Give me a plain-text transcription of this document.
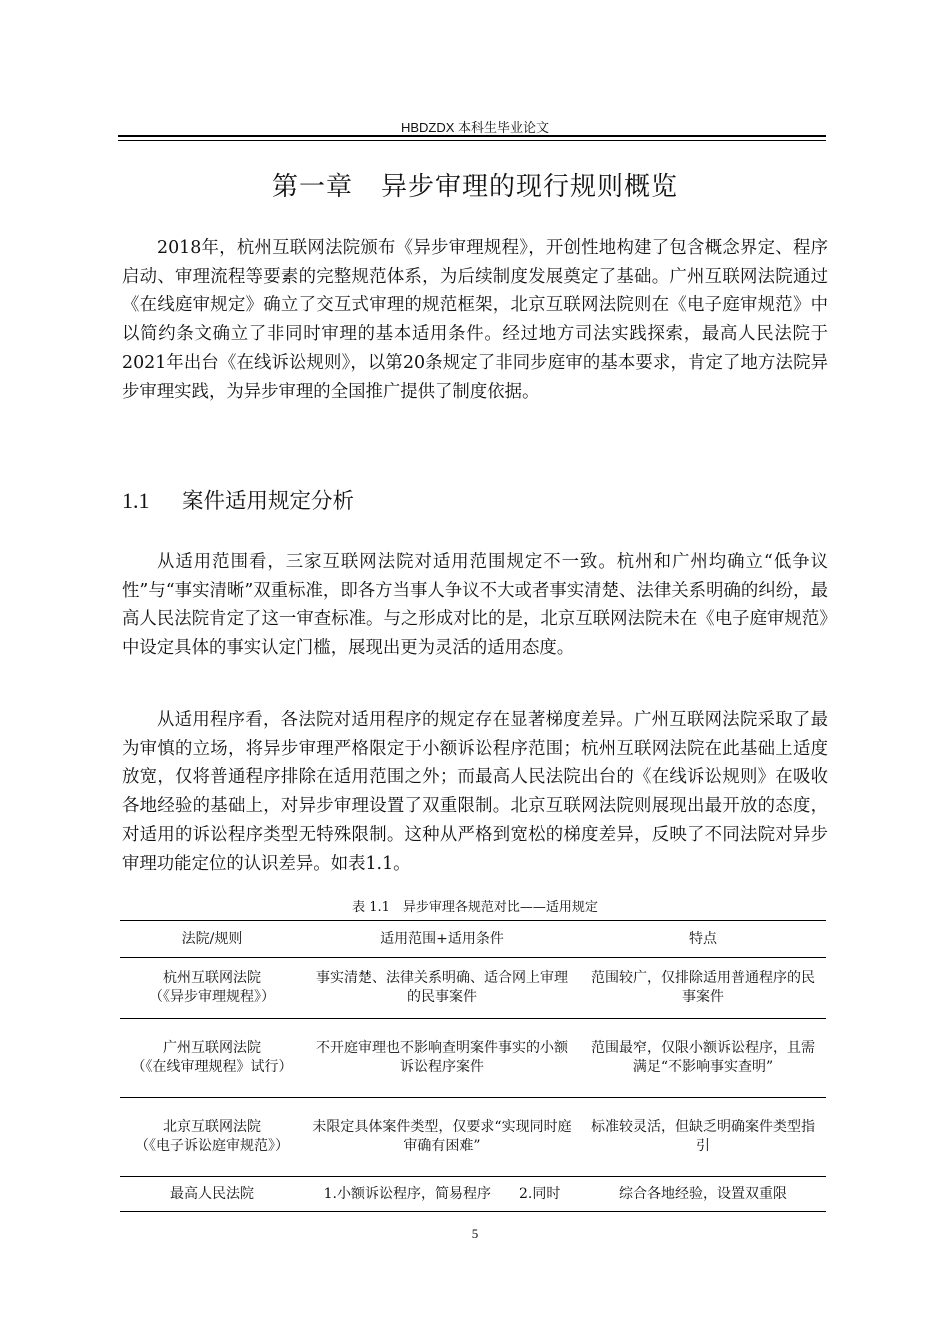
HBDZDX 本科生毕业论文
第一章 异步审理的现行规则概览

2018年，杭州互联网法院颁布《异步审理规程》，开创性地构建了包含概念界定、程序启动、审理流程等要素的完整规范体系，为后续制度发展奠定了基础。广州互联网法院通过《在线庭审规定》确立了交互式审理的规范框架，北京互联网法院则在《电子庭审规范》中以简约条文确立了非同时审理的基本适用条件。经过地方司法实践探索，最高人民法院于2021年出台《在线诉讼规则》，以第20条规定了非同步庭审的基本要求，肯定了地方法院异步审理实践，为异步审理的全国推广提供了制度依据。

1.1 案件适用规定分析

从适用范围看，三家互联网法院对适用范围规定不一致。杭州和广州均确立“低争议性”与“事实清晰”双重标准，即各方当事人争议不大或者事实清楚、法律关系明确的纠纷，最高人民法院肯定了这一审查标准。与之形成对比的是，北京互联网法院未在《电子庭审规范》中设定具体的事实认定门槛，展现出更为灵活的适用态度。

从适用程序看，各法院对适用程序的规定存在显著梯度差异。广州互联网法院采取了最为审慎的立场，将异步审理严格限定于小额诉讼程序范围；杭州互联网法院在此基础上适度放宽，仅将普通程序排除在适用范围之外；而最高人民法院出台的《在线诉讼规则》在吸收各地经验的基础上，对异步审理设置了双重限制。北京互联网法院则展现出最开放的态度，对适用的诉讼程序类型无特殊限制。这种从严格到宽松的梯度差异，反映了不同法院对异步审理功能定位的认识差异。如表1.1。

表 1.1　异步审理各规范对比——适用规定
法院/规则	适用范围+适用条件	特点
杭州互联网法院
（《异步审理规程》）	事实清楚、法律关系明确、适合网上审理的民事案件	范围较广，仅排除适用普通程序的民事案件
广州互联网法院
（《在线审理规程》试行）	不开庭审理也不影响查明案件事实的小额诉讼程序案件	范围最窄，仅限小额诉讼程序，且需满足“不影响事实查明”
北京互联网法院
（《电子诉讼庭审规范》）	未限定具体案件类型，仅要求“实现同时庭审确有困难”	标准较灵活，但缺乏明确案件类型指引
最高人民法院	1.小额诉讼程序，简易程序　　2.同时	综合各地经验，设置双重限
5
